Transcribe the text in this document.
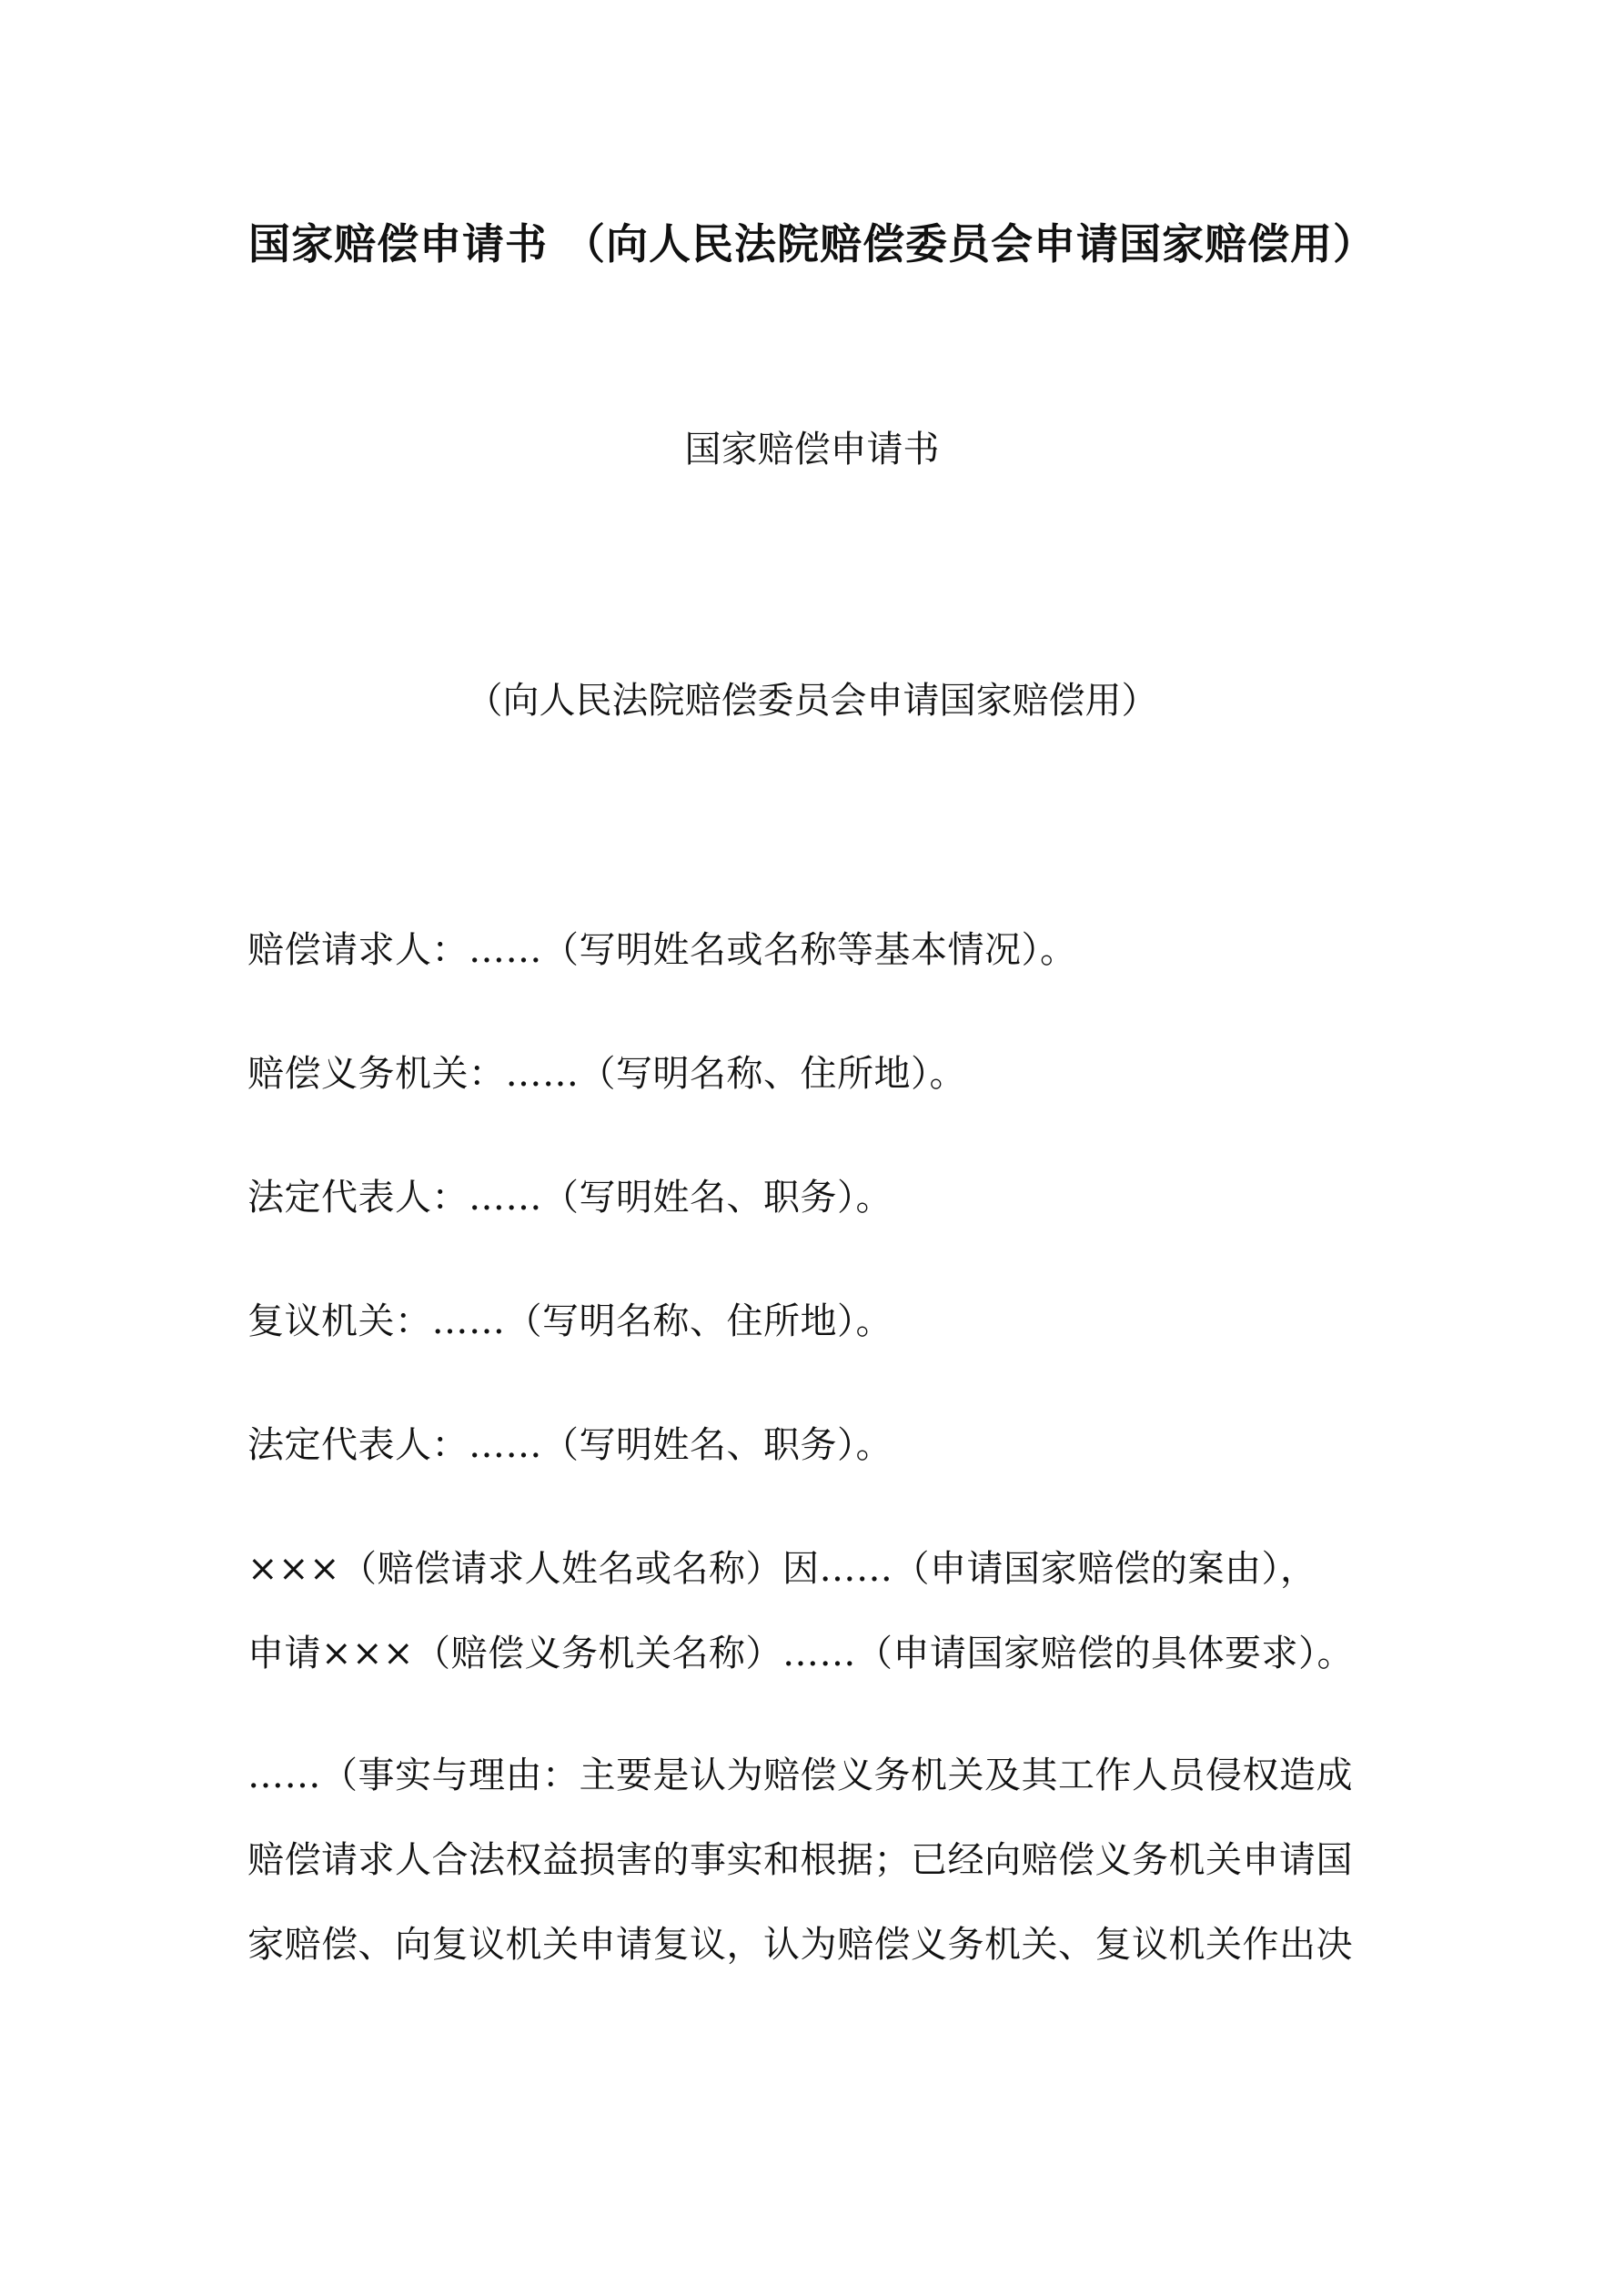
国家赔偿申请书 （向人民法院赔偿委员会申请国家赔偿用）
国家赔偿申请书
（向人民法院赔偿委员会申请国家赔偿用）
赔偿请求人：……（写明姓名或名称等基本情况）。
赔偿义务机关：……（写明名称、住所地）。
法定代表人：……（写明姓名、职务）。
复议机关：……（写明名称、住所地）。
法定代表人：……（写明姓名、职务）。
×××（赔偿请求人姓名或名称）因……（申请国家赔偿的案由），
申请×××（赔偿义务机关名称）……（申请国家赔偿的具体要求）。
……（事实与理由：主要是认为赔偿义务机关及其工作人员侵权造成
赔偿请求人合法权益损害的事实和根据；已经向赔偿义务机关申请国
家赔偿、向复议机关申请复议，认为赔偿义务机关、复议机关作出决
